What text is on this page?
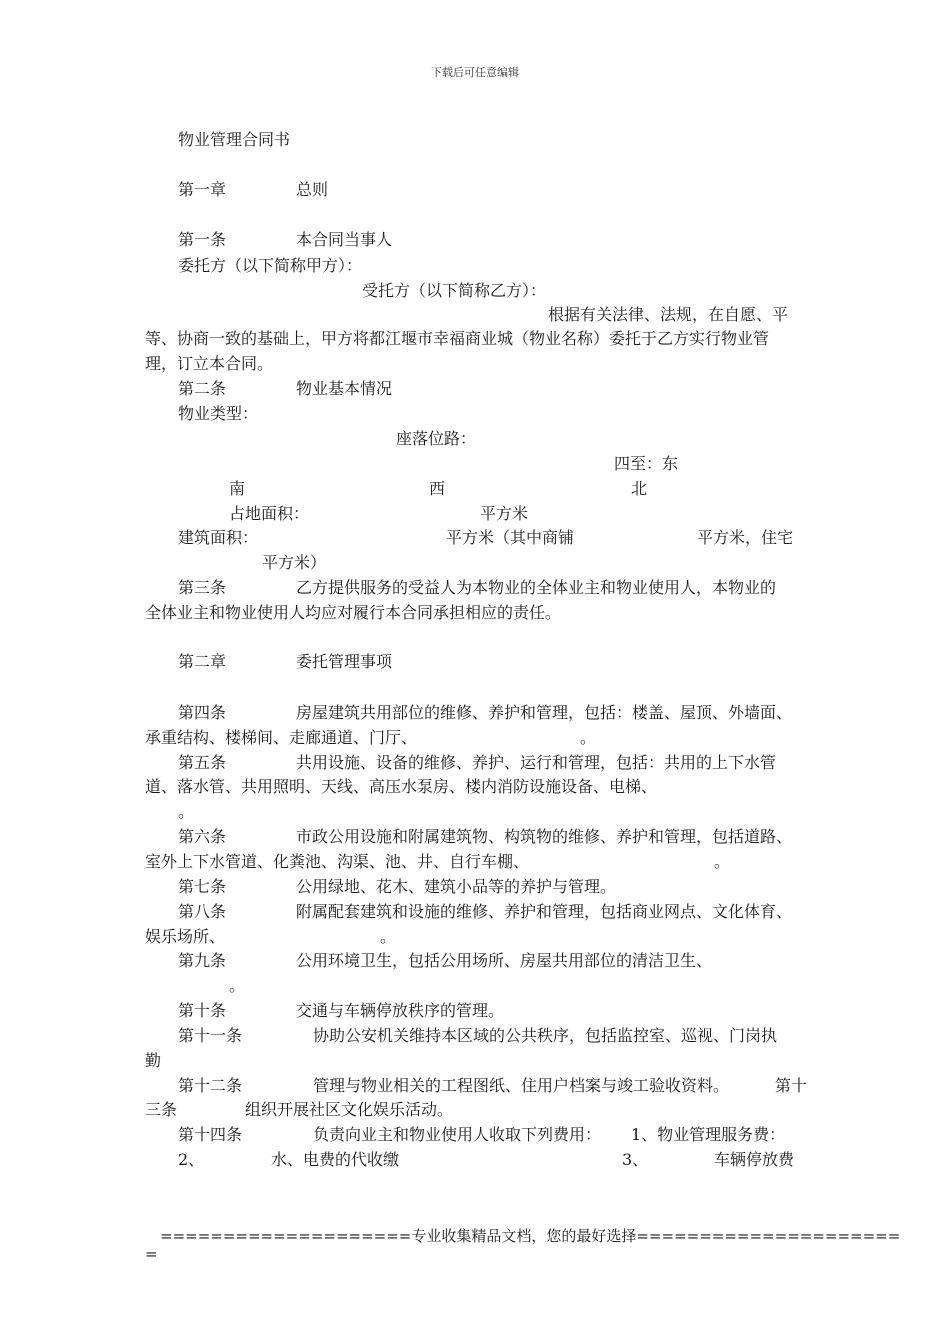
下载后可任意编辑
物业管理合同书
第一章	总则
第一条	本合同当事人
委托方（以下简称甲方）：
受托方（以下简称乙方）：
根据有关法律、法规，在自愿、平
等、协商一致的基础上，甲方将都江堰市幸福商业城（物业名称）委托于乙方实行物业管
理，订立本合同。
第二条	物业基本情况
物业类型：
座落位路：
四至：东
南	西	北
占地面积：	平方米
建筑面积：	平方米（其中商铺	平方米，住宅
平方米）
第三条	乙方提供服务的受益人为本物业的全体业主和物业使用人，本物业的
全体业主和物业使用人均应对履行本合同承担相应的责任。
第二章	委托管理事项
第四条	房屋建筑共用部位的维修、养护和管理，包括：楼盖、屋顶、外墙面、
承重结构、楼梯间、走廊通道、门厅、	。
第五条	共用设施、设备的维修、养护、运行和管理，包括：共用的上下水管
道、落水管、共用照明、天线、高压水泵房、楼内消防设施设备、电梯、
。
第六条	市政公用设施和附属建筑物、构筑物的维修、养护和管理，包括道路、
室外上下水管道、化粪池、沟渠、池、井、自行车棚、	。
第七条	公用绿地、花木、建筑小品等的养护与管理。
第八条	附属配套建筑和设施的维修、养护和管理，包括商业网点、文化体育、
娱乐场所、	。
第九条	公用环境卫生，包括公用场所、房屋共用部位的清洁卫生、
。
第十条	交通与车辆停放秩序的管理。
第十一条	协助公安机关维持本区域的公共秩序，包括监控室、巡视、门岗执
勤
第十二条	管理与物业相关的工程图纸、住用户档案与竣工验收资料。	第十
三条	组织开展社区文化娱乐活动。
第十四条	负责向业主和物业使用人收取下列费用： 1、物业管理服务费：
2、	水、电费的代收缴	3、	车辆停放费
====================专业收集精品文档，您的最好选择=====================
=
